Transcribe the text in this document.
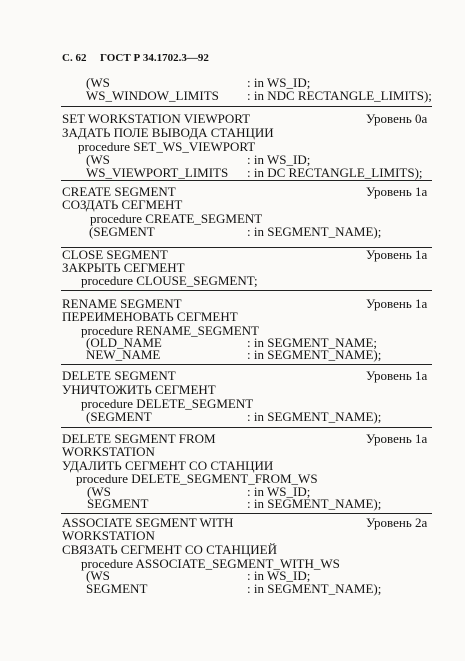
С. 62 ГОСТ Р 34.1702.3—92
(WS	: in WS_ID;
WS_WINDOW_LIMITS : in NDC RECTANGLE_LIMITS);
SET WORKSTATION VIEWPORT
ЗАДАТЬ ПОЛЕ ВЫВОДА СТАНЦИИ
Уровень 0а
procedure SET_WS_VIEWPORT
(WS	: in WS_ID;
WS_VIEWPORT_LIMITS : in DC RECTANGLE_LIMITS);
CREATE SEGMENT
СОЗДАТЬ СЕГМЕНТ
Уровень 1а
procedure CREATE_SEGMENT
(SEGMENT	: in SEGMENT_NAME);
CLOSE SEGMENT
ЗАКРЫТЬ СЕГМЕНТ
Уровень 1а
procedure CLOUSE_SEGMENT;
RENAME SEGMENT
ПЕРЕИМЕНОВАТЬ СЕГМЕНТ
Уровень 1а
procedure RENAME_SEGMENT
(OLD_NAME	: in SEGMENT_NAME;
NEW_NAME	: in SEGMENT_NAME);
DELETE SEGMENT
УНИЧТОЖИТЬ СЕГМЕНТ
Уровень 1а
procedure DELETE_SEGMENT
(SEGMENT	: in SEGMENT_NAME);
DELETE SEGMENT FROM
WORKSTATION
УДАЛИТЬ СЕГМЕНТ СО СТАНЦИИ
Уровень 1а
procedure DELETE_SEGMENT_FROM_WS
(WS	: in WS_ID;
SEGMENT	: in SEGMENT_NAME);
ASSOCIATE SEGMENT WITH
WORKSTATION
СВЯЗАТЬ СЕГМЕНТ СО СТАНЦИЕЙ
Уровень 2а
procedure ASSOCIATE_SEGMENT_WITH_WS
(WS	: in WS_ID;
SEGMENT	: in SEGMENT_NAME);
